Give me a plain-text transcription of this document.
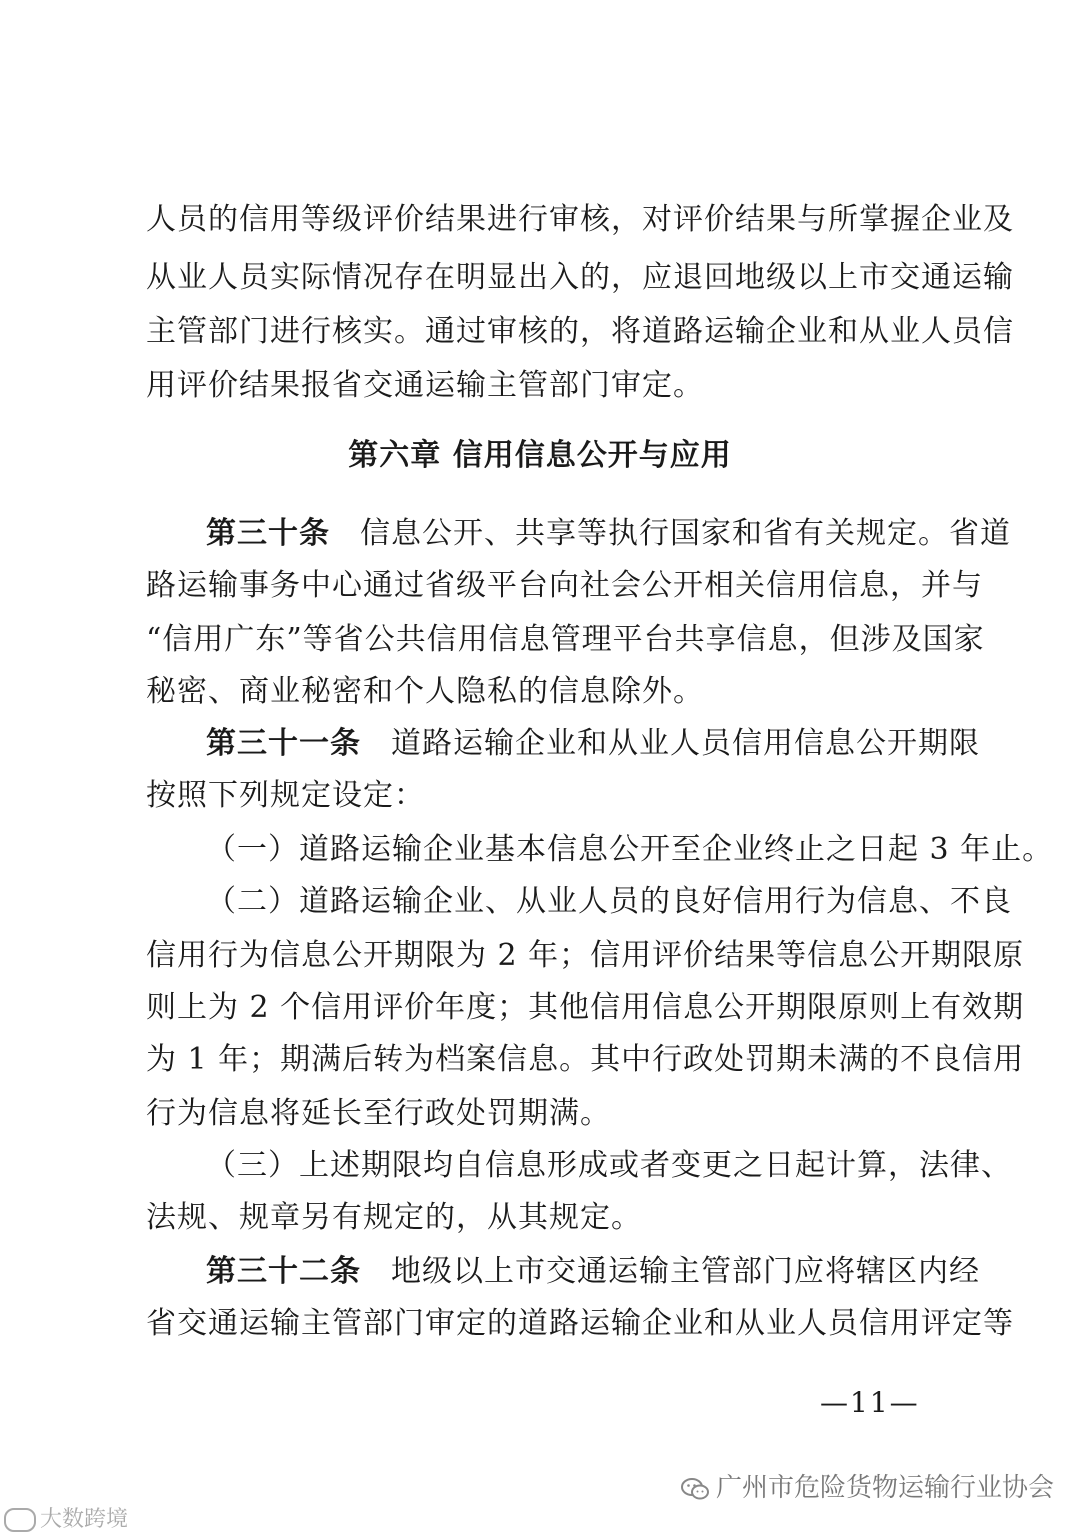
人员的信用等级评价结果进行审核，对评价结果与所掌握企业及
从业人员实际情况存在明显出入的，应退回地级以上市交通运输
主管部门进行核实。通过审核的，将道路运输企业和从业人员信
用评价结果报省交通运输主管部门审定。
第六章 信用信息公开与应用
第三十条 信息公开、共享等执行国家和省有关规定。省道
路运输事务中心通过省级平台向社会公开相关信用信息，并与
“信用广东”等省公共信用信息管理平台共享信息，但涉及国家
秘密、商业秘密和个人隐私的信息除外。
第三十一条 道路运输企业和从业人员信用信息公开期限
按照下列规定设定：
（一）道路运输企业基本信息公开至企业终止之日起 3 年止。
（二）道路运输企业、从业人员的良好信用行为信息、不良
信用行为信息公开期限为 2 年；信用评价结果等信息公开期限原
则上为 2 个信用评价年度；其他信用信息公开期限原则上有效期
为 1 年；期满后转为档案信息。其中行政处罚期未满的不良信用
行为信息将延长至行政处罚期满。
（三）上述期限均自信息形成或者变更之日起计算，法律、
法规、规章另有规定的，从其规定。
第三十二条 地级以上市交通运输主管部门应将辖区内经
省交通运输主管部门审定的道路运输企业和从业人员信用评定等
—11—
大数跨境
广州市危险货物运输行业协会
